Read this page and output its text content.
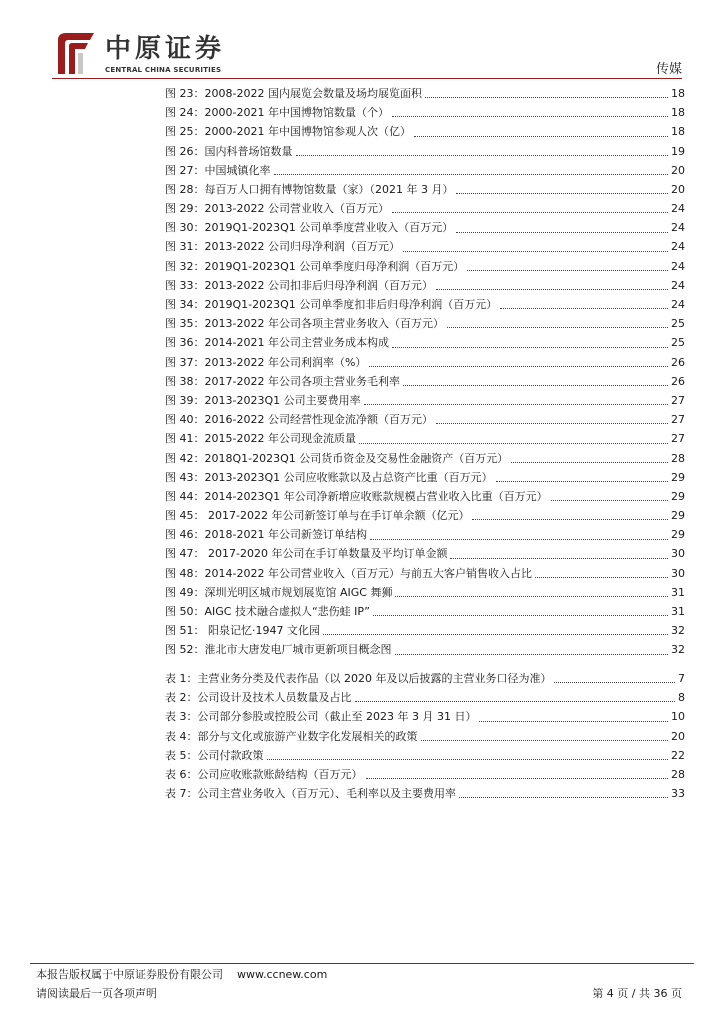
中原证券
CENTRAL CHINA SECURITIES	传媒
图 23：2008-2022 国内展览会数量及场均展览面积	18
图 24：2000-2021 年中国博物馆数量（个）	18
图 25：2000-2021 年中国博物馆参观人次（亿）	18
图 26：国内科普场馆数量	19
图 27：中国城镇化率	20
图 28：每百万人口拥有博物馆数量（家）（2021 年 3 月）	20
图 29：2013-2022 公司营业收入（百万元）	24
图 30：2019Q1-2023Q1 公司单季度营业收入（百万元）	24
图 31：2013-2022 公司归母净利润（百万元）	24
图 32：2019Q1-2023Q1 公司单季度归母净利润（百万元）	24
图 33：2013-2022 公司扣非后归母净利润（百万元）	24
图 34：2019Q1-2023Q1 公司单季度扣非后归母净利润（百万元）	24
图 35：2013-2022 年公司各项主营业务收入（百万元）	25
图 36：2014-2021 年公司主营业务成本构成	25
图 37：2013-2022 年公司利润率（%）	26
图 38：2017-2022 年公司各项主营业务毛利率	26
图 39：2013-2023Q1 公司主要费用率	27
图 40：2016-2022 公司经营性现金流净额（百万元）	27
图 41：2015-2022 年公司现金流质量	27
图 42：2018Q1-2023Q1 公司货币资金及交易性金融资产（百万元）	28
图 43：2013-2023Q1 公司应收账款以及占总资产比重（百万元）	29
图 44：2014-2023Q1 年公司净新增应收账款规模占营业收入比重（百万元）	29
图 45： 2017-2022 年公司新签订单与在手订单余额（亿元）	29
图 46：2018-2021 年公司新签订单结构	29
图 47： 2017-2020 年公司在手订单数量及平均订单金额	30
图 48：2014-2022 年公司营业收入（百万元）与前五大客户销售收入占比	30
图 49：深圳光明区城市规划展览馆 AIGC 舞狮	31
图 50：AIGC 技术融合虚拟人“悲伤蛙 IP”	31
图 51： 阳泉记忆·1947 文化园	32
图 52：淮北市大唐发电厂城市更新项目概念图	32
表 1：主营业务分类及代表作品（以 2020 年及以后披露的主营业务口径为准）	7
表 2：公司设计及技术人员数量及占比	8
表 3：公司部分参股或控股公司（截止至 2023 年 3 月 31 日）	10
表 4：部分与文化或旅游产业数字化发展相关的政策	20
表 5：公司付款政策	22
表 6：公司应收账款账龄结构（百万元）	28
表 7：公司主营业务收入（百万元）、毛利率以及主要费用率	33
本报告版权属于中原证券股份有限公司 www.ccnew.com
请阅读最后一页各项声明	第 4 页 / 共 36 页
